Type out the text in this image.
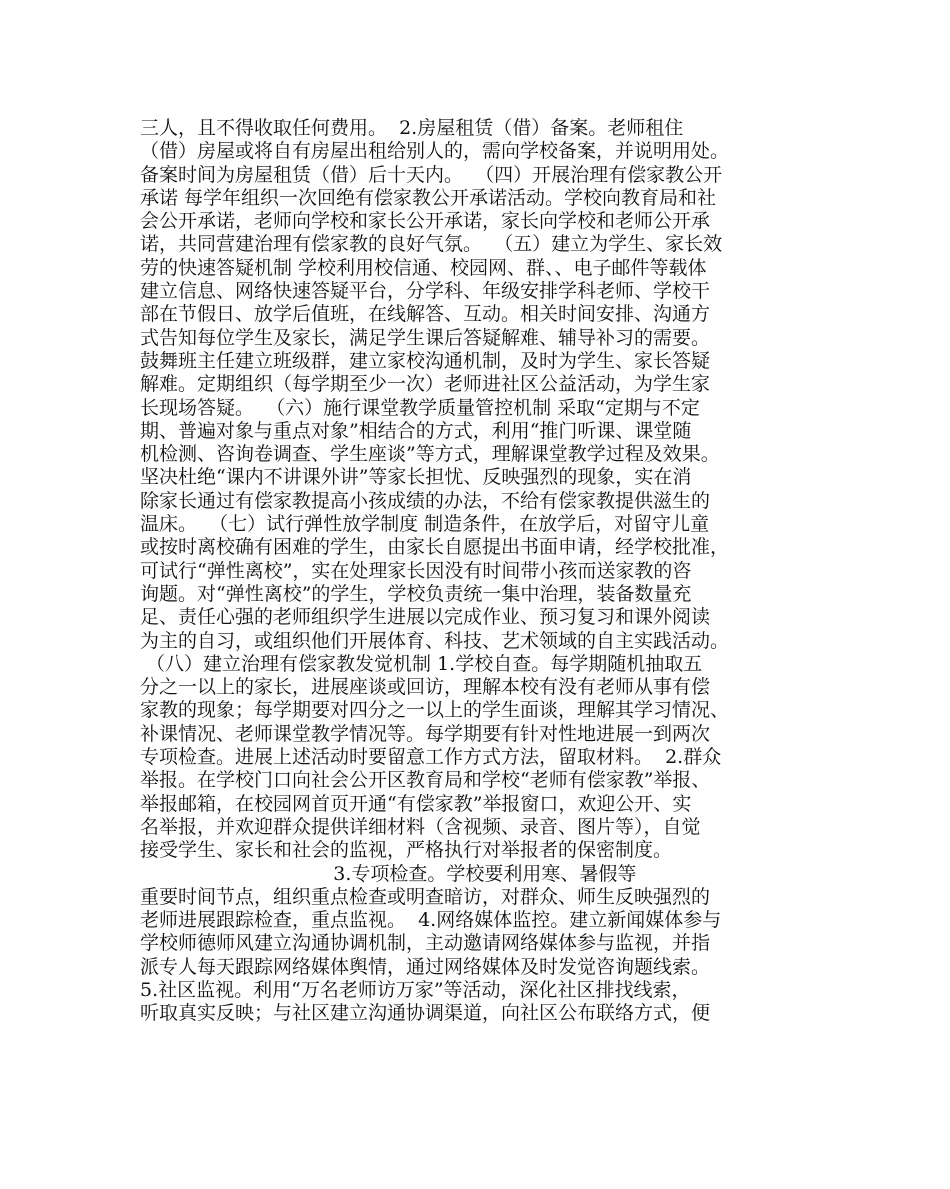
三人，且不得收取任何费用。  2.房屋租赁（借）备案。老师租住
（借）房屋或将自有房屋出租给别人的，需向学校备案，并说明用处。
备案时间为房屋租赁（借）后十天内。  （四）开展治理有偿家教公开
承诺 每学年组织一次回绝有偿家教公开承诺活动。学校向教育局和社
会公开承诺，老师向学校和家长公开承诺，家长向学校和老师公开承
诺，共同营建治理有偿家教的良好气氛。  （五）建立为学生、家长效
劳的快速答疑机制 学校利用校信通、校园网、群、、电子邮件等载体
建立信息、网络快速答疑平台，分学科、年级安排学科老师、学校干
部在节假日、放学后值班，在线解答、互动。相关时间安排、沟通方
式告知每位学生及家长，满足学生课后答疑解难、辅导补习的需要。
鼓舞班主任建立班级群，建立家校沟通机制，及时为学生、家长答疑
解难。定期组织（每学期至少一次）老师进社区公益活动，为学生家
长现场答疑。  （六）施行课堂教学质量管控机制 采取“定期与不定
期、普遍对象与重点对象”相结合的方式，利用“推门听课、课堂随
机检测、咨询卷调查、学生座谈”等方式，理解课堂教学过程及效果。
坚决杜绝“课内不讲课外讲”等家长担忧、反映强烈的现象，实在消
除家长通过有偿家教提高小孩成绩的办法，不给有偿家教提供滋生的
温床。  （七）试行弹性放学制度 制造条件，在放学后，对留守儿童
或按时离校确有困难的学生，由家长自愿提出书面申请，经学校批准，
可试行“弹性离校”，实在处理家长因没有时间带小孩而送家教的咨
询题。对“弹性离校”的学生，学校负责统一集中治理，装备数量充
足、责任心强的老师组织学生进展以完成作业、预习复习和课外阅读
为主的自习，或组织他们开展体育、科技、艺术领域的自主实践活动。
（八）建立治理有偿家教发觉机制 1.学校自查。每学期随机抽取五
分之一以上的家长，进展座谈或回访，理解本校有没有老师从事有偿
家教的现象；每学期要对四分之一以上的学生面谈，理解其学习情况、
补课情况、老师课堂教学情况等。每学期要有针对性地进展一到两次
专项检查。进展上述活动时要留意工作方式方法，留取材料。  2.群众
举报。在学校门口向社会公开区教育局和学校“老师有偿家教”举报、
举报邮箱，在校园网首页开通“有偿家教”举报窗口，欢迎公开、实
名举报，并欢迎群众提供详细材料（含视频、录音、图片等），自觉
接受学生、家长和社会的监视，严格执行对举报者的保密制度。
3.专项检查。学校要利用寒、暑假等
重要时间节点，组织重点检查或明查暗访，对群众、师生反映强烈的
老师进展跟踪检查，重点监视。  4.网络媒体监控。建立新闻媒体参与
学校师德师风建立沟通协调机制，主动邀请网络媒体参与监视，并指
派专人每天跟踪网络媒体舆情，通过网络媒体及时发觉咨询题线索。
5.社区监视。利用“万名老师访万家”等活动，深化社区排找线索，
听取真实反映；与社区建立沟通协调渠道，向社区公布联络方式，便
